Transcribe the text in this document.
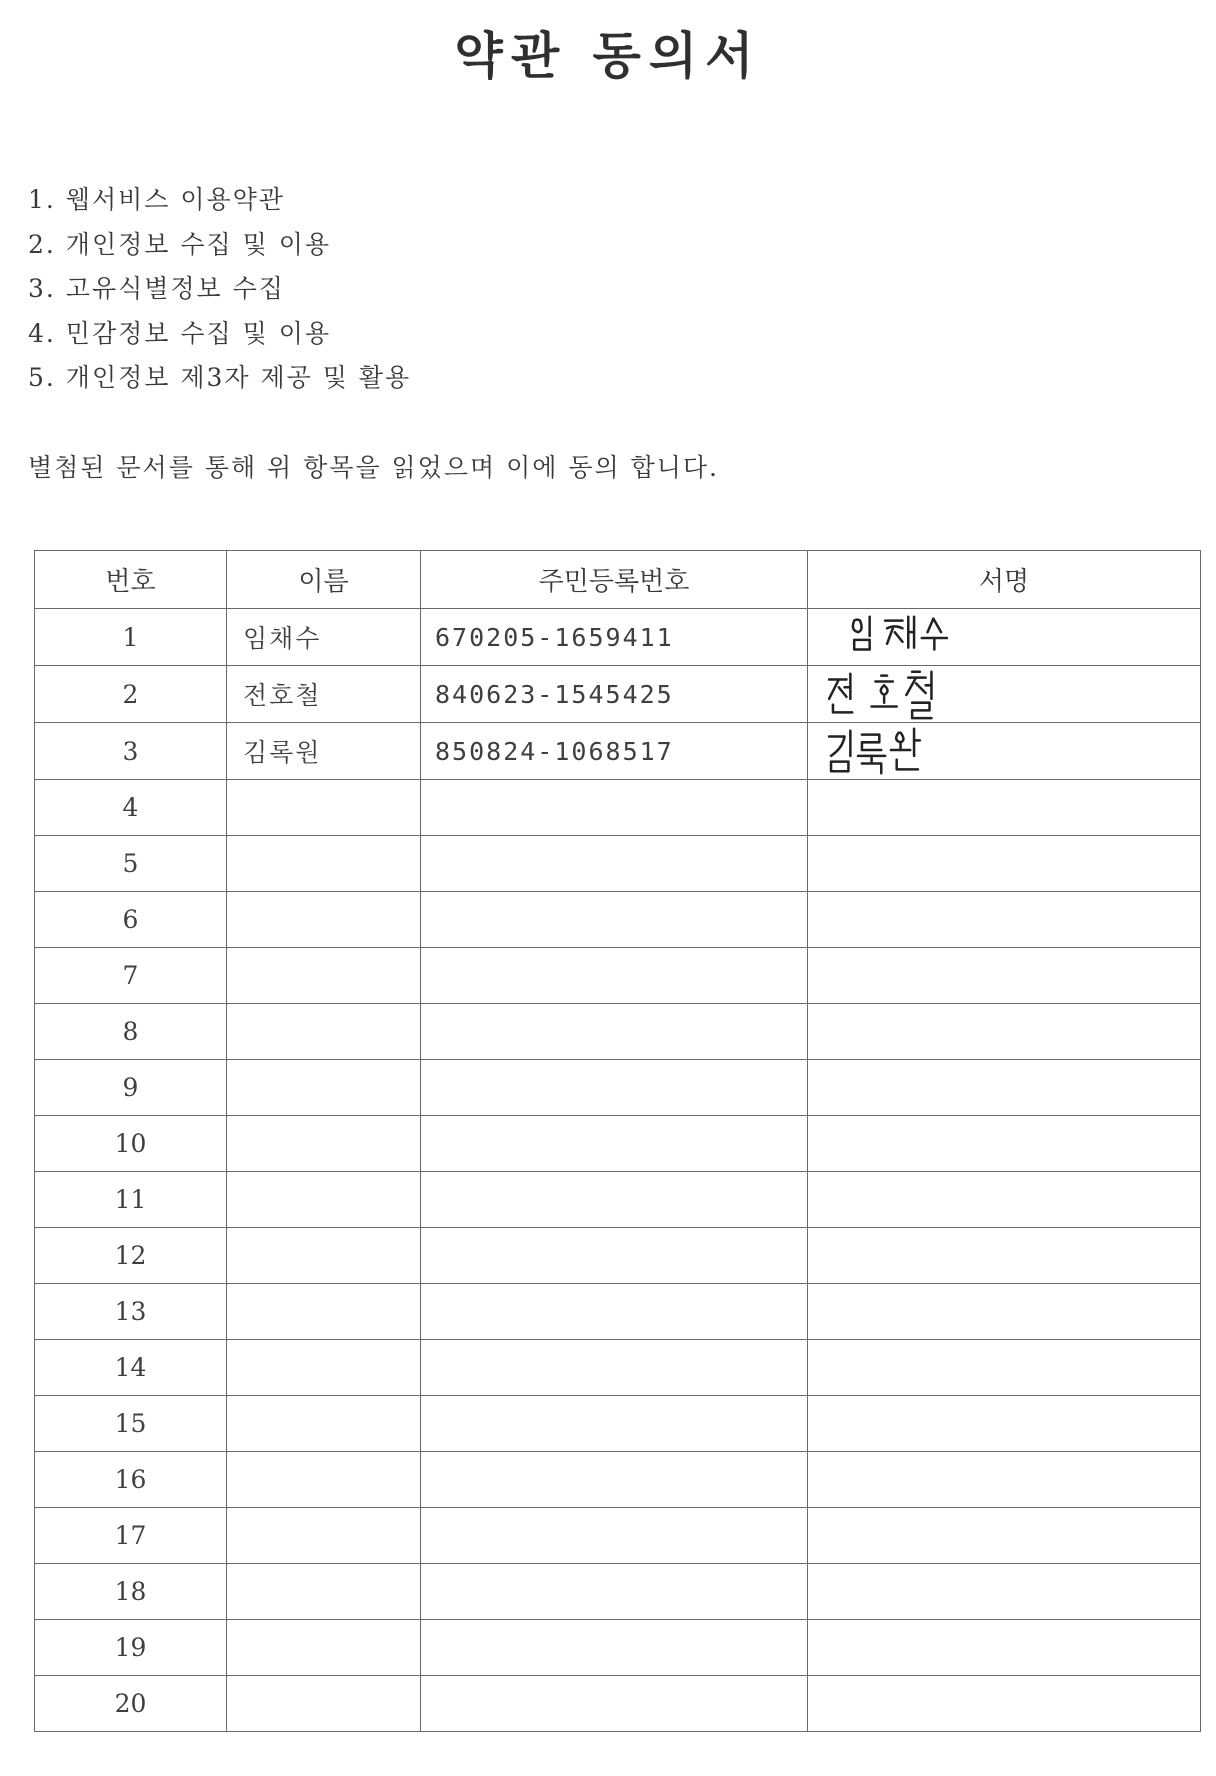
약관 동의서
1. 웹서비스 이용약관
2. 개인정보 수집 및 이용
3. 고유식별정보 수집
4. 민감정보 수집 및 이용
5. 개인정보 제3자 제공 및 활용
별첨된 문서를 통해 위 항목을 읽었으며 이에 동의 합니다.
번호	이름	주민등록번호	서명
1	임채수	670205-1659411	

2	전호철	840623-1545425	

3	김록원	850824-1068517	

4			
5			
6			
7			
8			
9			
10			
11			
12			
13			
14			
15			
16			
17			
18			
19			
20			
